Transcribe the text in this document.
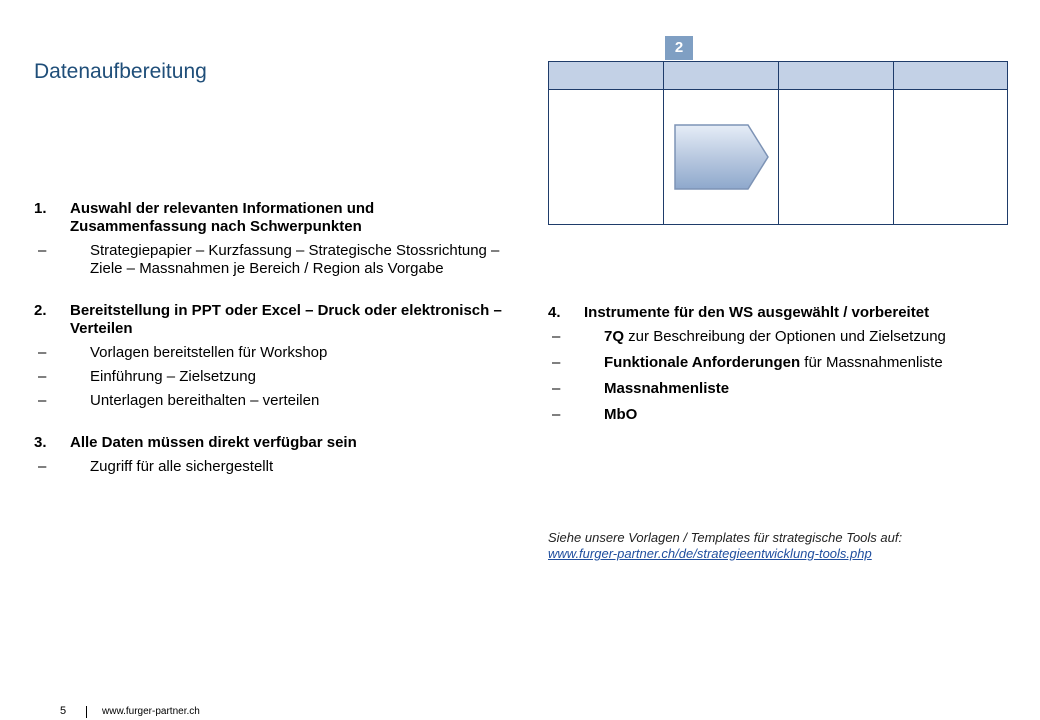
Datenaufbereitung
2
1.	Auswahl der relevanten Informationen und Zusammenfassung nach Schwerpunkten
–	Strategiepapier – Kurzfassung – Strategische Stossrichtung – Ziele – Massnahmen je Bereich / Region als Vorgabe
2.	Bereitstellung in PPT oder Excel – Druck oder elektronisch – Verteilen
–	Vorlagen bereitstellen für Workshop
–	Einführung – Zielsetzung
–	Unterlagen bereithalten – verteilen
3.	Alle Daten müssen direkt verfügbar sein
–	Zugriff für alle sichergestellt
4.	Instrumente für den WS ausgewählt / vorbereitet
–	7Q zur Beschreibung der Optionen und Zielsetzung
–	Funktionale Anforderungen für Massnahmenliste
–	Massnahmenliste
–	MbO
Siehe unsere Vorlagen / Templates für strategische Tools auf:
www.furger-partner.ch/de/strategieentwicklung-tools.php
5	www.furger-partner.ch
